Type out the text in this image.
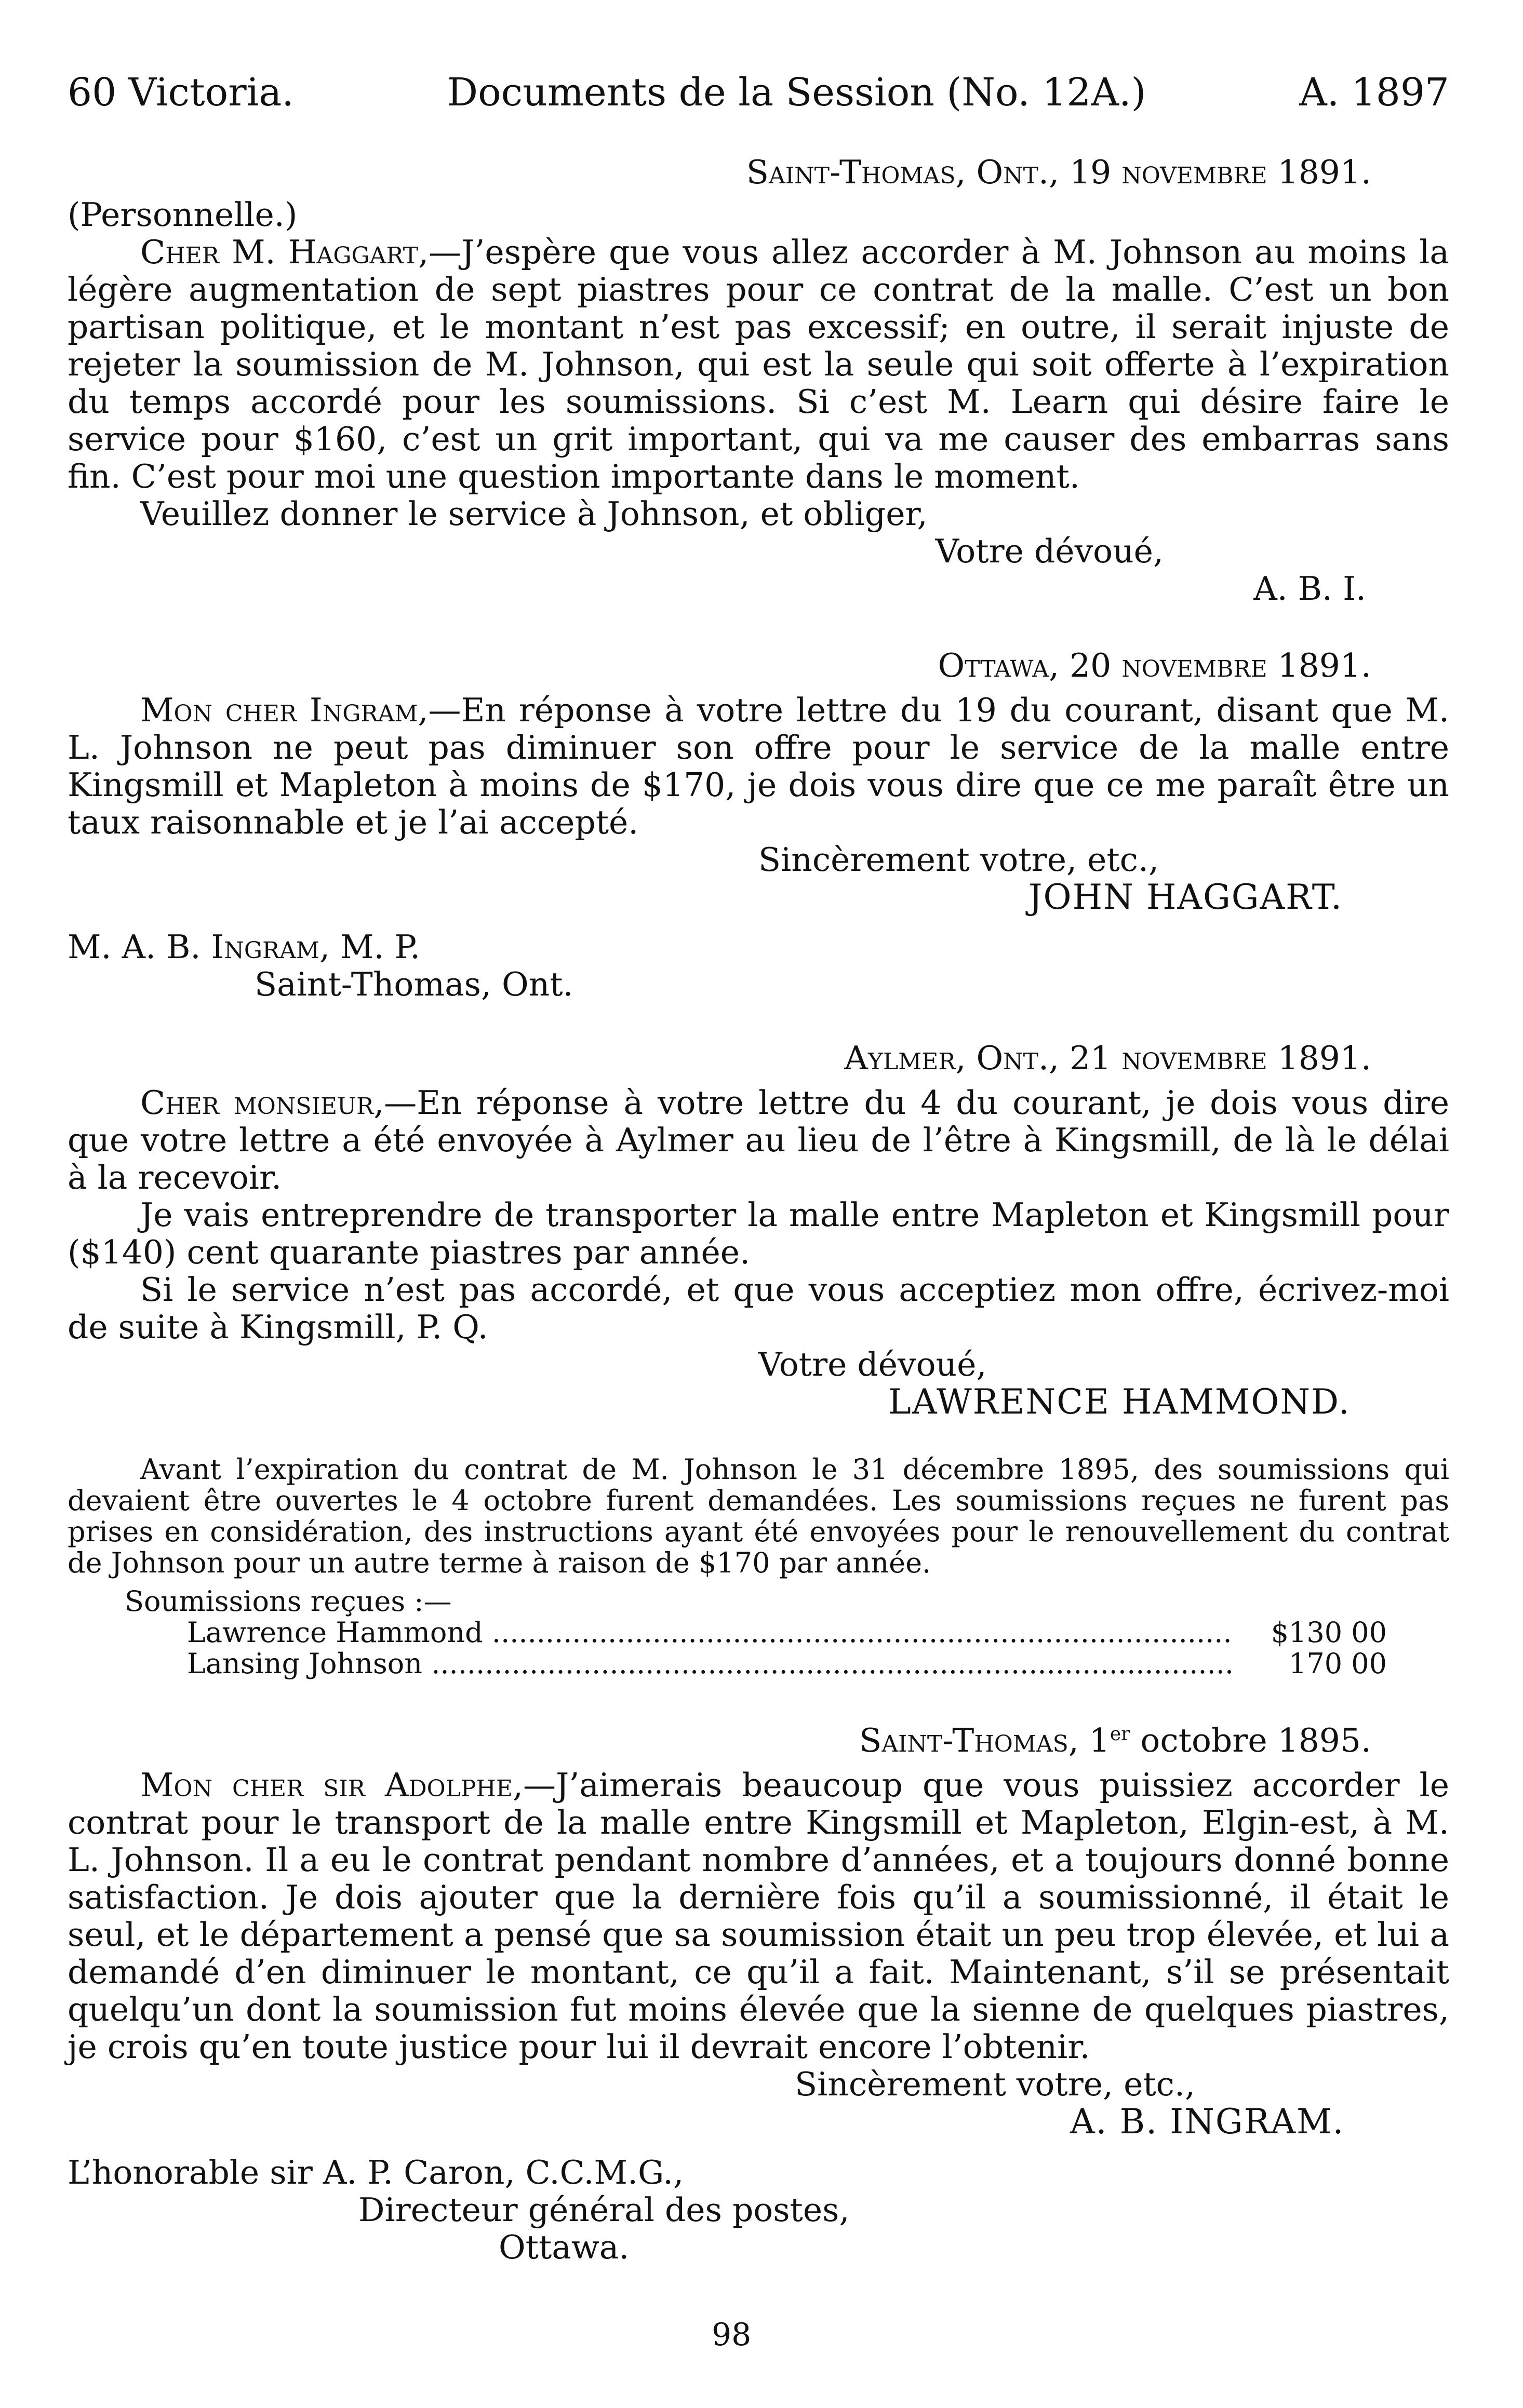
60 Victoria.	Documents de la Session (No. 12A.)	A. 1897

Saint-Thomas, Ont., 19 novembre 1891.

(Personnelle.)

Cher M. Haggart,—J’espère que vous allez accorder à M. Johnson au moins la légère augmentation de sept piastres pour ce contrat de la malle. C’est un bon partisan politique, et le montant n’est pas excessif; en outre, il serait injuste de rejeter la soumission de M. Johnson, qui est la seule qui soit offerte à l’expiration du temps accordé pour les soumissions. Si c’est M. Learn qui désire faire le service pour $160, c’est un grit important, qui va me causer des embarras sans fin. C’est pour moi une question importante dans le moment.

Veuillez donner le service à Johnson, et obliger,

Votre dévoué,

A. B. I.

Ottawa, 20 novembre 1891.

Mon cher Ingram,—En réponse à votre lettre du 19 du courant, disant que M. L. Johnson ne peut pas diminuer son offre pour le service de la malle entre Kingsmill et Mapleton à moins de $170, je dois vous dire que ce me paraît être un taux raisonnable et je l’ai accepté.

Sincèrement votre, etc.,

JOHN HAGGART.

M. A. B. Ingram, M. P.

Saint-Thomas, Ont.

Aylmer, Ont., 21 novembre 1891.

Cher monsieur,—En réponse à votre lettre du 4 du courant, je dois vous dire que votre lettre a été envoyée à Aylmer au lieu de l’être à Kingsmill, de là le délai à la recevoir.

Je vais entreprendre de transporter la malle entre Mapleton et Kingsmill pour ($140) cent quarante piastres par année.

Si le service n’est pas accordé, et que vous acceptiez mon offre, écrivez-moi de suite à Kingsmill, P. Q.

Votre dévoué,

LAWRENCE HAMMOND.

Avant l’expiration du contrat de M. Johnson le 31 décembre 1895, des soumissions qui devaient être ouvertes le 4 octobre furent demandées. Les soumissions reçues ne furent pas prises en considération, des instructions ayant été envoyées pour le renouvellement du contrat de Johnson pour un autre terme à raison de $170 par année.

Soumissions reçues :—

Lawrence Hammond .....	$130 00
Lansing Johnson .....	170 00

Saint-Thomas, 1er octobre 1895.

Mon cher sir Adolphe,—J’aimerais beaucoup que vous puissiez accorder le contrat pour le transport de la malle entre Kingsmill et Mapleton, Elgin-est, à M. L. Johnson. Il a eu le contrat pendant nombre d’années, et a toujours donné bonne satisfaction. Je dois ajouter que la dernière fois qu’il a soumissionné, il était le seul, et le département a pensé que sa soumission était un peu trop élevée, et lui a demandé d’en diminuer le montant, ce qu’il a fait. Maintenant, s’il se présentait quelqu’un dont la soumission fut moins élevée que la sienne de quelques piastres, je crois qu’en toute justice pour lui il devrait encore l’obtenir.

Sincèrement votre, etc.,

A. B. INGRAM.

L’honorable sir A. P. Caron, C.C.M.G.,

Directeur général des postes,

Ottawa.

98
